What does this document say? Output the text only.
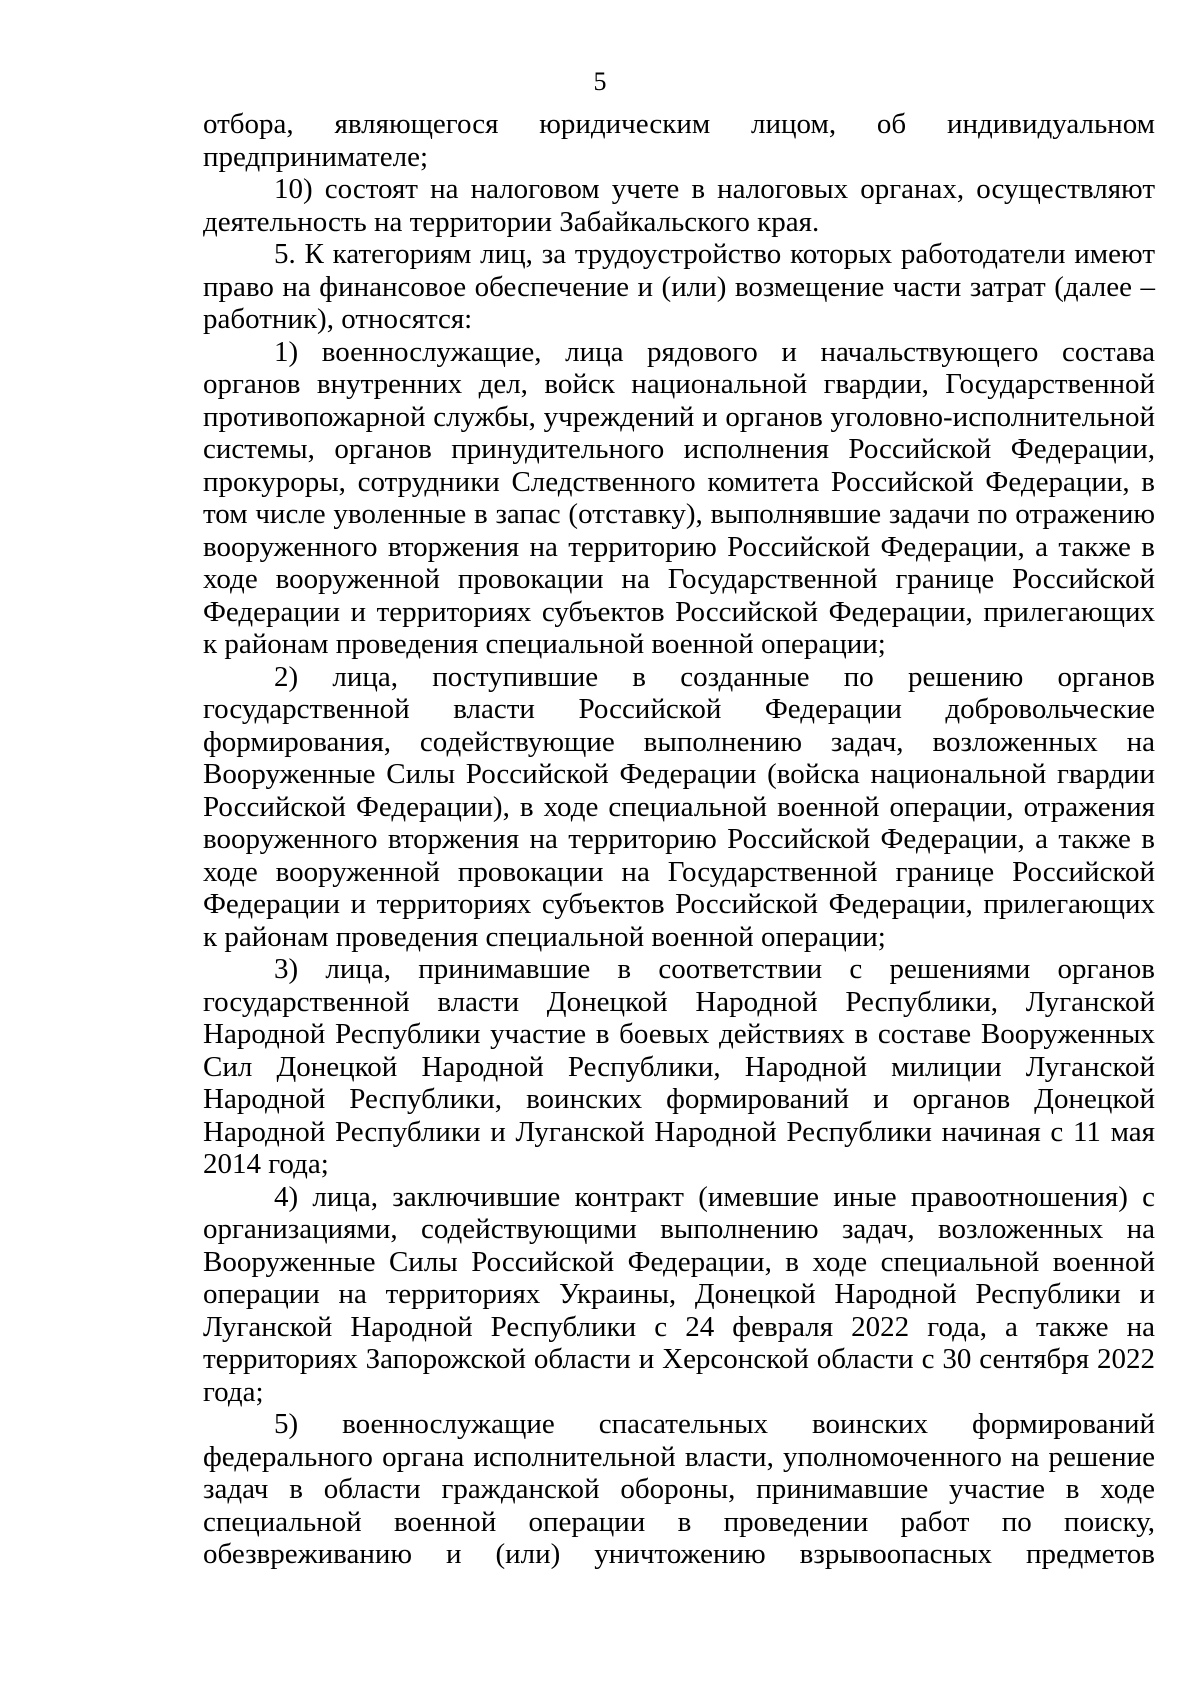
5

отбора, являющегося юридическим лицом, об индивидуальном предпринимателе;

10) состоят на налоговом учете в налоговых органах, осуществляют деятельность на территории Забайкальского края.

5. К категориям лиц, за трудоустройство которых работодатели имеют право на финансовое обеспечение и (или) возмещение части затрат (далее – работник), относятся:

1) военнослужащие, лица рядового и начальствующего состава органов внутренних дел, войск национальной гвардии, Государственной противопожарной службы, учреждений и органов уголовно-исполнительной системы, органов принудительного исполнения Российской Федерации, прокуроры, сотрудники Следственного комитета Российской Федерации, в том числе уволенные в запас (отставку), выполнявшие задачи по отражению вооруженного вторжения на территорию Российской Федерации, а также в ходе вооруженной провокации на Государственной границе Российской Федерации и территориях субъектов Российской Федерации, прилегающих к районам проведения специальной военной операции;

2) лица, поступившие в созданные по решению органов государственной власти Российской Федерации добровольческие формирования, содействующие выполнению задач, возложенных на Вооруженные Силы Российской Федерации (войска национальной гвардии Российской Федерации), в ходе специальной военной операции, отражения вооруженного вторжения на территорию Российской Федерации, а также в ходе вооруженной провокации на Государственной границе Российской Федерации и территориях субъектов Российской Федерации, прилегающих к районам проведения специальной военной операции;

3) лица, принимавшие в соответствии с решениями органов государственной власти Донецкой Народной Республики, Луганской Народной Республики участие в боевых действиях в составе Вооруженных Сил Донецкой Народной Республики, Народной милиции Луганской Народной Республики, воинских формирований и органов Донецкой Народной Республики и Луганской Народной Республики начиная с 11 мая 2014 года;

4) лица, заключившие контракт (имевшие иные правоотношения) с организациями, содействующими выполнению задач, возложенных на Вооруженные Силы Российской Федерации, в ходе специальной военной операции на территориях Украины, Донецкой Народной Республики и Луганской Народной Республики с 24 февраля 2022 года, а также на территориях Запорожской области и Херсонской области с 30 сентября 2022 года;

5) военнослужащие спасательных воинских формирований федерального органа исполнительной власти, уполномоченного на решение задач в области гражданской обороны, принимавшие участие в ходе специальной военной операции в проведении работ по поиску, обезвреживанию и (или) уничтожению взрывоопасных предметов
